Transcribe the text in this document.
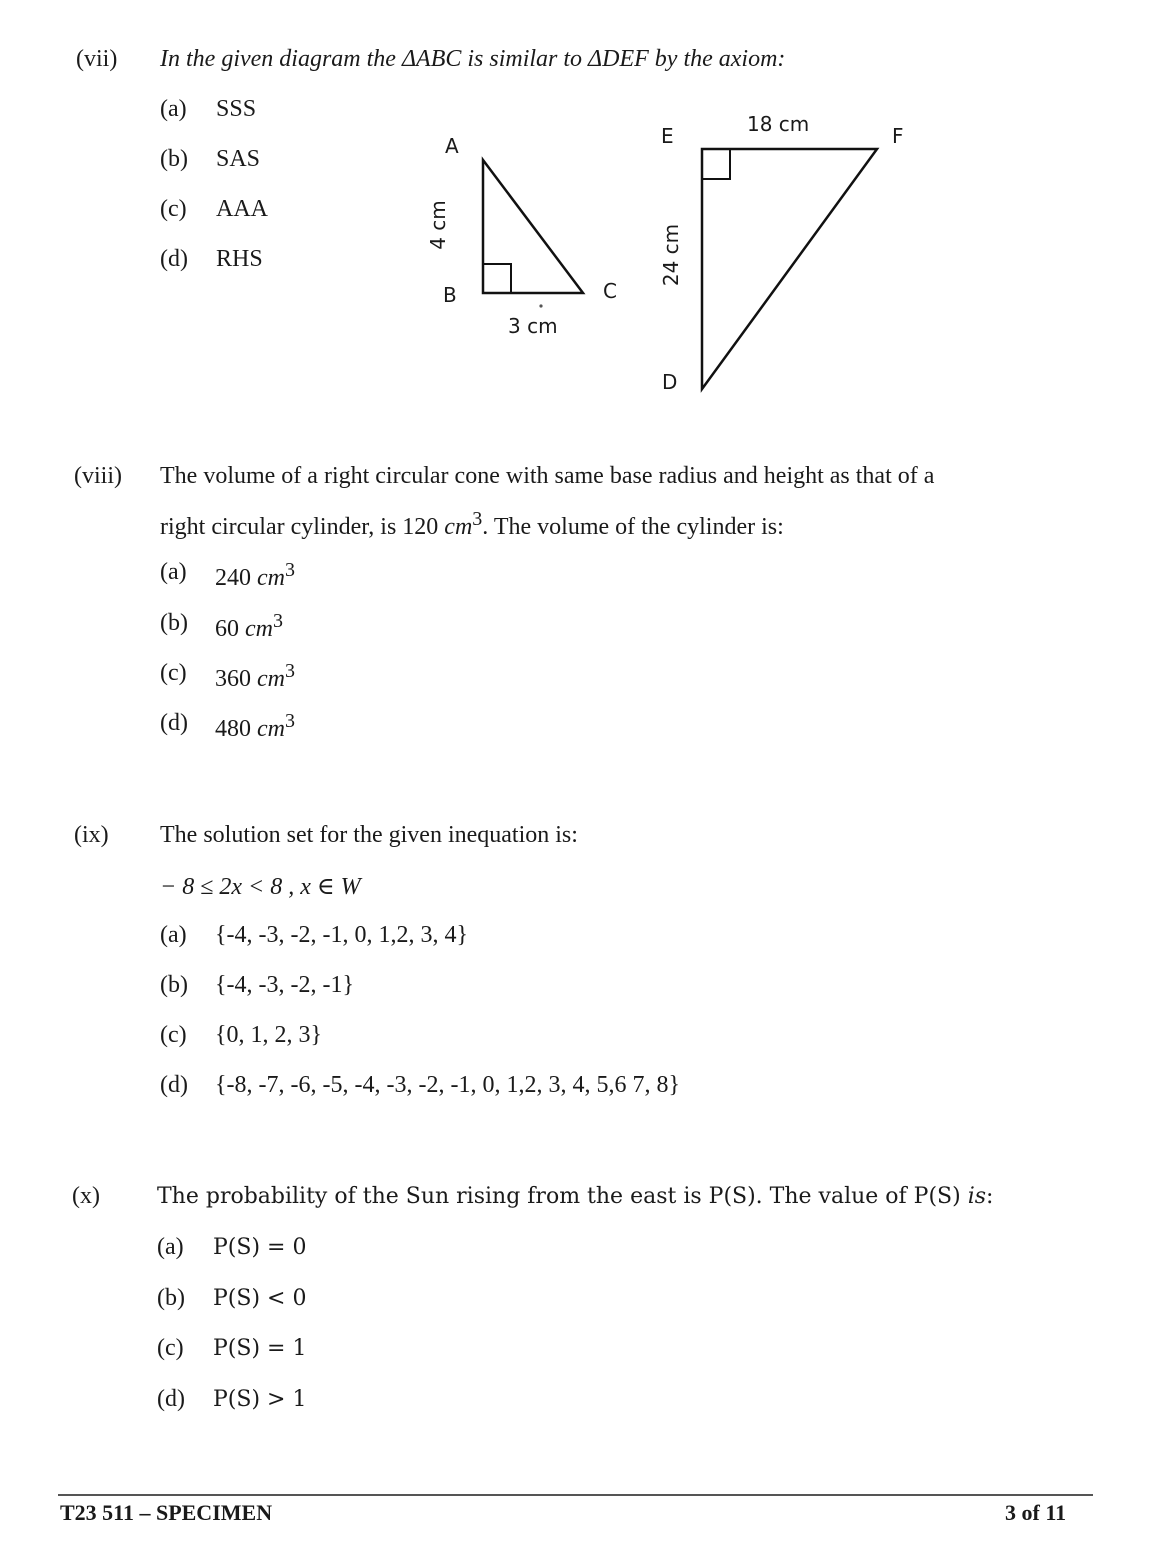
(vii) In the given diagram the ΔABC is similar to ΔDEF by the axiom:
(a) SSS
(b) SAS
(c) AAA
(d) RHS
A
B	C
E	F
D
3 cm
18 cm
4 cm	24 cm
(viii) The volume of a right circular cone with same base radius and height as that of a
right circular cylinder, is 120 $cm^3$. The volume of the cylinder is:
(a) 240 $cm^3$
(b) 60 $cm^3$
(c) 360 $cm^3$
(d) 480 $cm^3$
(ix) The solution set for the given inequation is:
− 8 ≤ 2x < 8 , x ∈ W
(a) {-4, -3, -2, -1, 0, 1,2, 3, 4}
(b) {-4, -3, -2, -1}
(c) {0, 1, 2, 3}
(d) {-8, -7, -6, -5, -4, -3, -2, -1, 0, 1,2, 3, 4, 5,6 7, 8}
(x)	The probability of the Sun rising from the east is P(S). The value of P(S) is:
(a) P(S) = 0
(b) P(S) < 0
(c) P(S) = 1
(d) P(S) > 1
T23 511 – SPECIMEN	3 of 11
